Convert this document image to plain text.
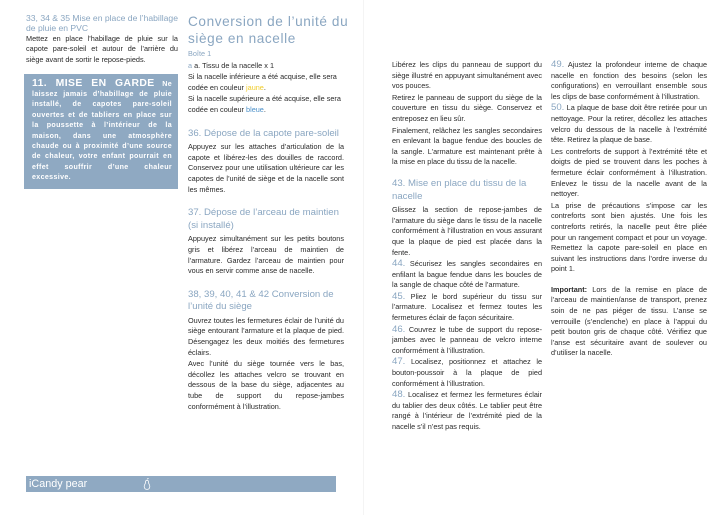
33, 34 & 35 Mise en place de l’habillage de pluie en PVC

Mettez en place l’habillage de pluie sur la capote pare-soleil et autour de l’arrière du siège avant de sortir le repose-pieds.

11. MISE EN GARDE Ne laissez jamais d’habillage de pluie installé, de capotes pare-soleil ouvertes et de tabliers en place sur la poussette à l’intérieur de la maison, dans une atmosphère chaude ou à proximité d’une source de chaleur, votre enfant pourrait en effet souffrir d’une chaleur excessive.
Conversion de l’unité du siège en nacelle

Boîte 1

a a. Tissu de la nacelle x 1

Si la nacelle inférieure a été acquise, elle sera codée en couleur jaune.

Si la nacelle supérieure a été acquise, elle sera codée en couleur bleue.

36. Dépose de la capote pare-soleil

Appuyez sur les attaches d’articulation de la capote et libérez-les des douilles de raccord. Conservez pour une utilisation ultérieure car les capotes de l’unité de siège et de la nacelle sont les mêmes.

37. Dépose de l’arceau de maintien (si installé)

Appuyez simultanément sur les petits boutons gris et libérez l’arceau de maintien de l’armature. Gardez l’arceau de maintien pour vous en servir comme anse de nacelle.

38, 39, 40, 41 & 42 Conversion de l’unité du siège

Ouvrez toutes les fermetures éclair de l’unité du siège entourant l’armature et la plaque de pied. Désengagez les deux moitiés des fermetures éclairs.

Avec l’unité du siège tournée vers le bas, décollez les attaches velcro se trouvant en dessous de la base du siège, adjacentes au tube de support du repose-jambes conformément à l’illustration.

iCandy pear

Libérez les clips du panneau de support du siège illustré en appuyant simultanément avec vos pouces.

Retirez le panneau de support du siège de la couverture en tissu du siège. Conservez et entreposez en lieu sûr.

Finalement, relâchez les sangles secondaires en enlevant la bague fendue des boucles de la sangle. L’armature est maintenant prête à la mise en place du tissu de la nacelle.

43. Mise en place du tissu de la nacelle

Glissez la section de repose-jambes de l’armature du siège dans le tissu de la nacelle conformément à l’illustration en vous assurant que la plaque de pied est placée dans la fente.

44. Sécurisez les sangles secondaires en enfilant la bague fendue dans les boucles de la sangle de chaque côté de l’armature.

45. Pliez le bord supérieur du tissu sur l’armature. Localisez et fermez toutes les fermetures éclair de façon sécuritaire.

46. Couvrez le tube de support du repose-jambes avec le panneau de velcro interne conformément à l’illustration.

47. Localisez, positionnez et attachez le bouton-poussoir à la plaque de pied conformément à l’illustration.

48. Localisez et fermez les fermetures éclair du tablier des deux côtés. Le tablier peut être rangé à l’intérieur de l’extrémité pied de la nacelle s’il n’est pas requis.

49. Ajustez la profondeur interne de chaque nacelle en fonction des besoins (selon les configurations) en verrouillant ensemble sous les clips de base conformément à l’illustration.

50. La plaque de base doit être retirée pour un nettoyage. Pour la retirer, décollez les attaches velcro du dessous de la nacelle à l’extrémité tête. Retirez la plaque de base.

Les contreforts de support à l’extrémité tête et doigts de pied se trouvent dans les poches à fermeture éclair conformément à l’illustration. Enlevez le tissu de la nacelle avant de la nettoyer.

La prise de précautions s’impose car les contreforts sont bien ajustés. Une fois les contreforts retirés, la nacelle peut être pliée pour un rangement compact et pour un voyage. Remettez la capote pare-soleil en place en suivant les instructions dans l’ordre inverse du point 1.

Important: Lors de la remise en place de l’arceau de maintien/anse de transport, prenez soin de ne pas piéger de tissu. L’anse se verrouille (s’enclenche) en place à l’appui du petit bouton gris de chaque côté. Vérifiez que l’anse est sécuritaire avant de soulever ou d’utiliser la nacelle.
